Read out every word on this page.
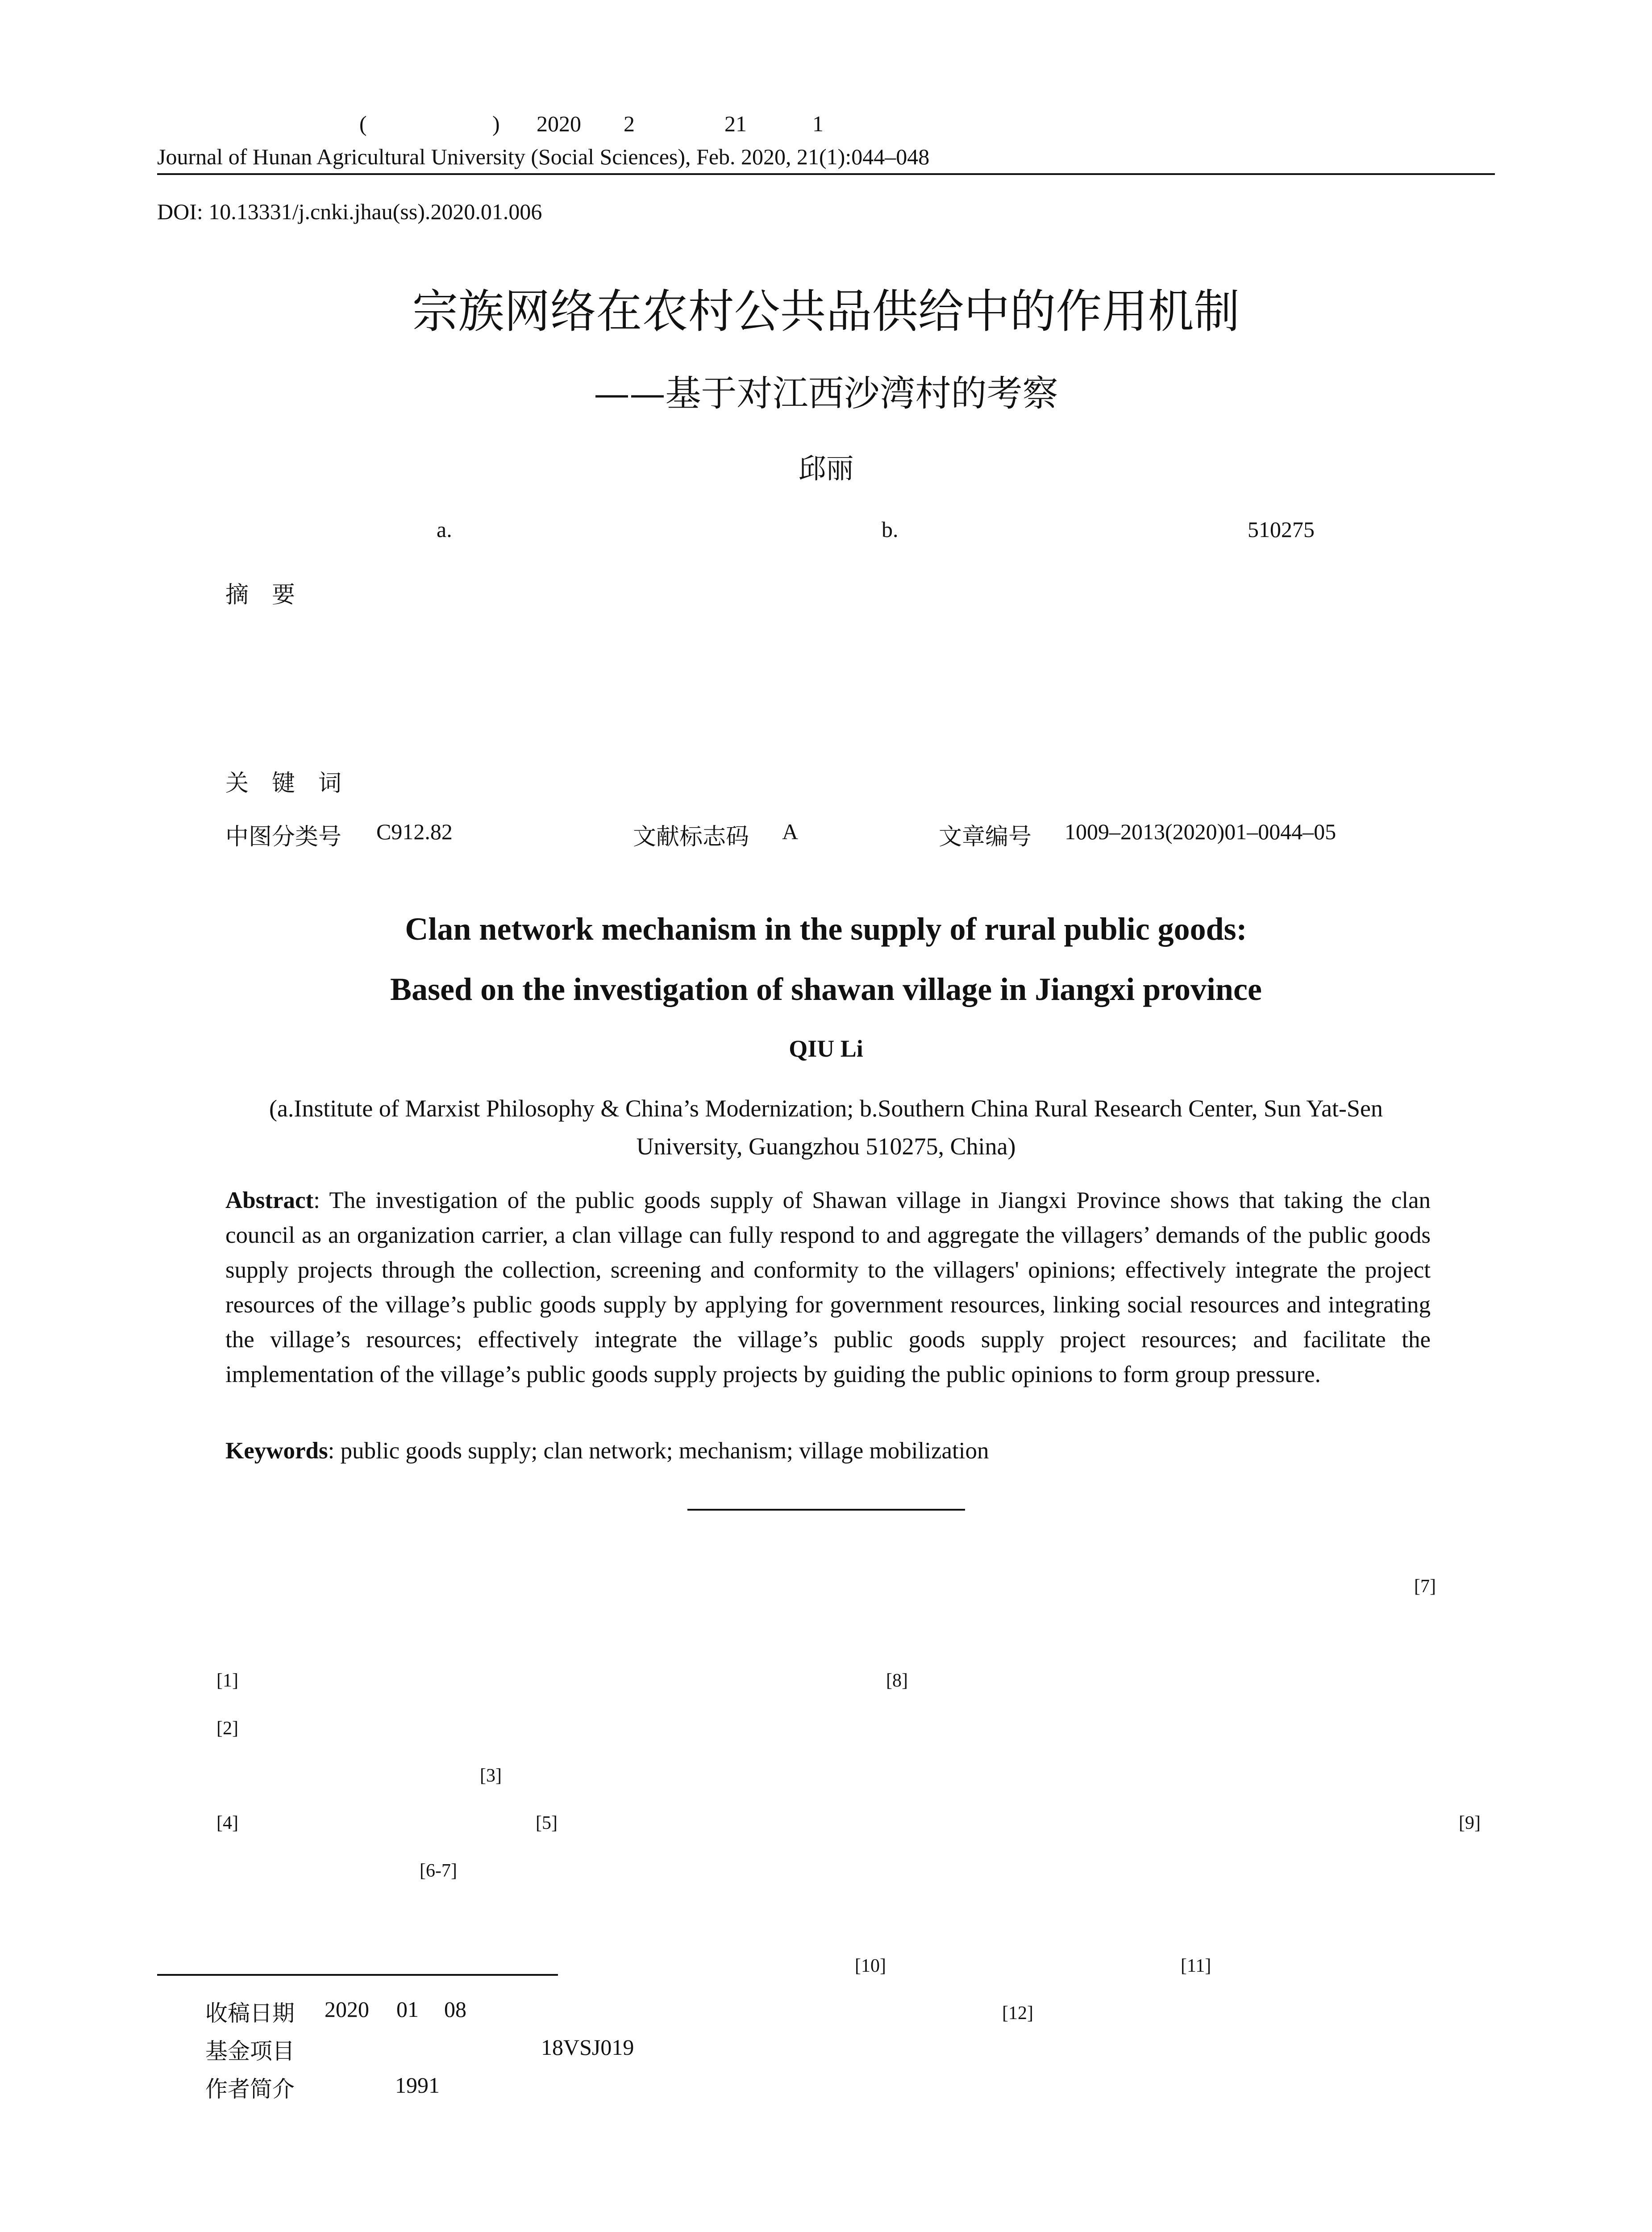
(	) 2020 2	21	1
Journal of Hunan Agricultural University (Social Sciences), Feb. 2020, 21(1):044–048
DOI: 10.13331/j.cnki.jhau(ss).2020.01.006
宗族网络在农村公共品供给中的作用机制
——基于对江西沙湾村的考察
邱丽
a.	b.	510275
摘　要
关　键　词
中图分类号 C912.82	文献标志码 A	文章编号 1009–2013(2020)01–0044–05
Clan network mechanism in the supply of rural public goods:
Based on the investigation of shawan village in Jiangxi province
QIU Li
(a.Institute of Marxist Philosophy & China’s Modernization; b.Southern China Rural Research Center, Sun Yat-Sen
University, Guangzhou 510275, China)
Abstract: The investigation of the public goods supply of Shawan village in Jiangxi Province shows that taking the clan council as an organization carrier, a clan village can fully respond to and aggregate the villagers’ demands of the public goods supply projects through the collection, screening and conformity to the villagers' opinions; effectively integrate the project resources of the village’s public goods supply by applying for government resources, linking social resources and integrating the village’s resources; effectively integrate the village’s public goods supply project resources; and facilitate the implementation of the village’s public goods supply projects by guiding the public opinions to form group pressure.
Keywords: public goods supply; clan network; mechanism; village mobilization
[7]
[1]	[8]
[2]
[3]
[4]	[5]	[9]
[6-7]
[10]	[11]
[12]
收稿日期 2020 01 08
基金项目	18VSJ019
作者简介	1991
